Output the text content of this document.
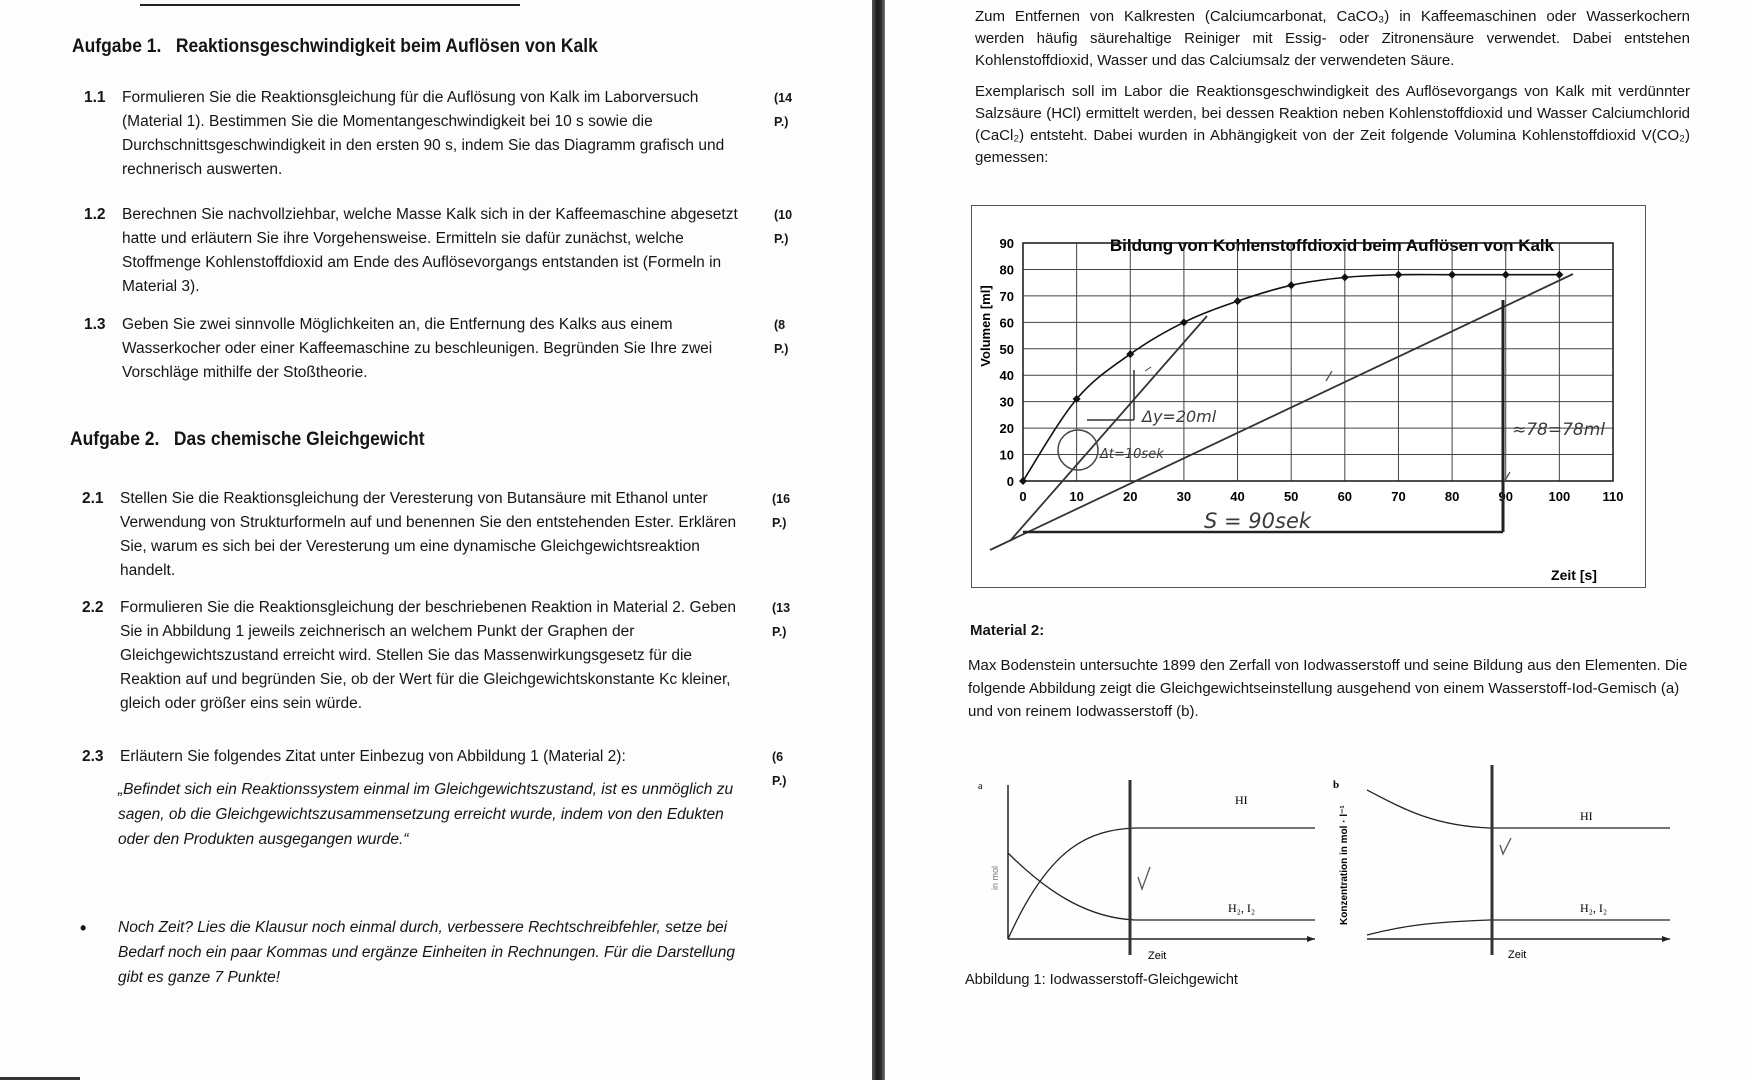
Aufgabe 1. Reaktionsgeschwindigkeit beim Auflösen von Kalk
1.1 Formulieren Sie die Reaktionsgleichung für die Auflösung von Kalk im Laborversuch (Material 1). Bestimmen Sie die Momentangeschwindigkeit bei 10 s sowie die Durchschnittsgeschwindigkeit in den ersten 90 s, indem Sie das Diagramm grafisch und rechnerisch auswerten.
(14 P.)
1.2 Berechnen Sie nachvollziehbar, welche Masse Kalk sich in der Kaffeemaschine abgesetzt hatte und erläutern Sie ihre Vorgehensweise. Ermitteln sie dafür zunächst, welche Stoffmenge Kohlenstoffdioxid am Ende des Auflösevorgangs entstanden ist (Formeln in Material 3).
(10 P.)
1.3 Geben Sie zwei sinnvolle Möglichkeiten an, die Entfernung des Kalks aus einem Wasserkocher oder einer Kaffeemaschine zu beschleunigen. Begründen Sie Ihre zwei Vorschläge mithilfe der Stoßtheorie.
(8 P.)
Aufgabe 2. Das chemische Gleichgewicht
2.1 Stellen Sie die Reaktionsgleichung der Veresterung von Butansäure mit Ethanol unter Verwendung von Strukturformeln auf und benennen Sie den entstehenden Ester. Erklären Sie, warum es sich bei der Veresterung um eine dynamische Gleichgewichtsreaktion handelt.
(16 P.)
2.2 Formulieren Sie die Reaktionsgleichung der beschriebenen Reaktion in Material 2. Geben Sie in Abbildung 1 jeweils zeichnerisch an welchem Punkt der Graphen der Gleichgewichtszustand erreicht wird. Stellen Sie das Massenwirkungsgesetz für die Reaktion auf und begründen Sie, ob der Wert für die Gleichgewichtskonstante Kc kleiner, gleich oder größer eins sein würde.
(13 P.)
2.3 Erläutern Sie folgendes Zitat unter Einbezug von Abbildung 1 (Material 2):	(6 P.)
„Befindet sich ein Reaktionssystem einmal im Gleichgewichtszustand, ist es unmöglich zu sagen, ob die Gleichgewichtszusammensetzung erreicht wurde, indem von den Edukten oder den Produkten ausgegangen wurde.“
• Noch Zeit? Lies die Klausur noch einmal durch, verbessere Rechtschreibfehler, setze bei Bedarf noch ein paar Kommas und ergänze Einheiten in Rechnungen. Für die Darstellung gibt es ganze 7 Punkte!
Zum Entfernen von Kalkresten (Calciumcarbonat, CaCO₃) in Kaffeemaschinen oder Wasserkochern werden häufig säurehaltige Reiniger mit Essig- oder Zitronensäure verwendet. Dabei entstehen Kohlenstoffdioxid, Wasser und das Calciumsalz der verwendeten Säure.
Exemplarisch soll im Labor die Reaktionsgeschwindigkeit des Auflösevorgangs von Kalk mit verdünnter Salzsäure (HCl) ermittelt werden, bei dessen Reaktion neben Kohlenstoffdioxid und Wasser Calciumchlorid (CaCl₂) entsteht. Dabei wurden in Abhängigkeit von der Zeit folgende Volumina Kohlenstoffdioxid V(CO₂) gemessen:
Bildung von Kohlenstoffdioxid beim Auflösen von Kalk
Volumen [ml]
Zeit [s]
0	10	20	30	40	50	60	70	80	90	100 110
0
10
20
30
40
50
60
70
80
90
Δy=20ml
Δt=10sek
S = 90sek
≈78=78ml
Material 2:
Max Bodenstein untersuchte 1899 den Zerfall von Iodwasserstoff und seine Bildung aus den Elementen. Die folgende Abbildung zeigt die Gleichgewichtseinstellung ausgehend von einem Wasserstoff-Iod-Gemisch (a) und von reinem Iodwasserstoff (b).
a
HI
H₂, I₂
Zeit
in mol
b
HI
H₂, I₂
Zeit
Konzentration in mol · l⁻¹
Abbildung 1: Iodwasserstoff-Gleichgewicht
